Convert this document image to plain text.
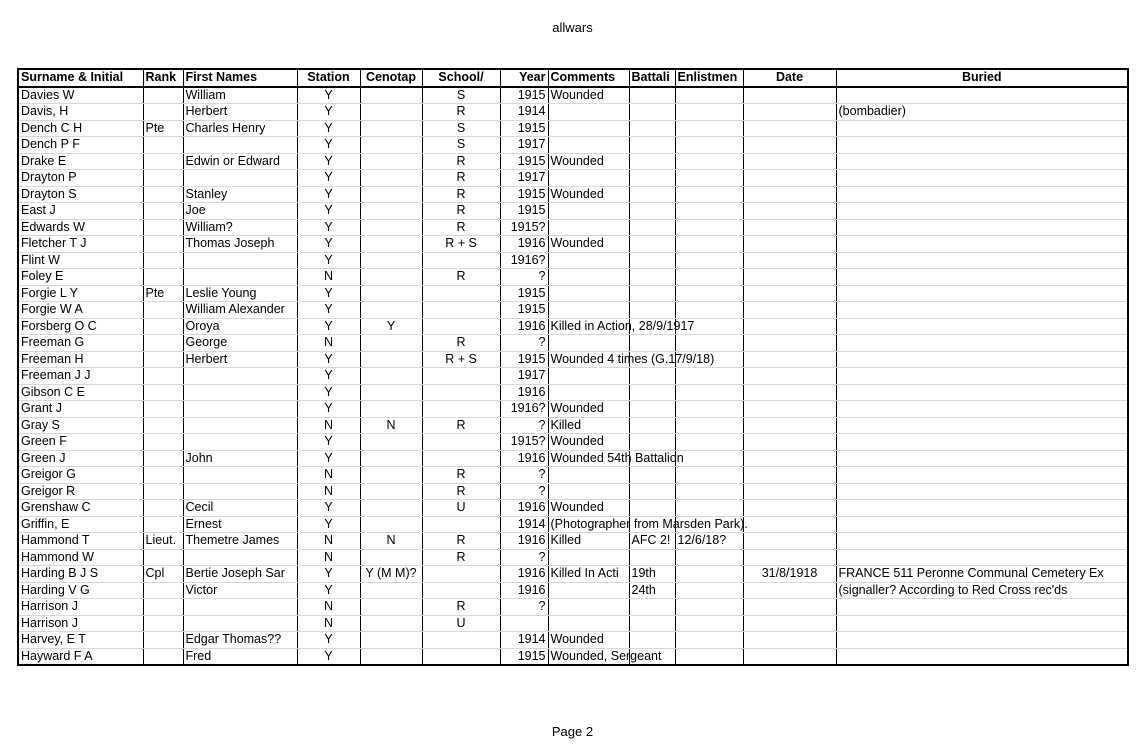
allwars
Surname & Initial	Rank	First Names	Station	Cenotap	School/	Year	Comments	Battali	Enlistmen	Date	Buried
Davies W		William	Y		S	1915	Wounded				
Davis, H		Herbert	Y		R	1914					(bombadier)
Dench C H	Pte	Charles Henry	Y		S	1915					
Dench P F			Y		S	1917					
Drake E		Edwin or Edward	Y		R	1915	Wounded				
Drayton P			Y		R	1917					
Drayton S		Stanley	Y		R	1915	Wounded				
East J		Joe	Y		R	1915					
Edwards W		William?	Y		R	1915?					
Fletcher T J		Thomas Joseph	Y		R + S	1916	Wounded				
Flint W			Y			1916?					
Foley E			N		R	?					
Forgie L Y	Pte	Leslie Young	Y			1915					
Forgie W A		William Alexander	Y			1915					
Forsberg O C		Oroya	Y	Y		1916	Killed in Action, 28/9/1917				
Freeman G		George	N		R	?					
Freeman H		Herbert	Y		R + S	1915	Wounded 4 times (G.17/9/18)				
Freeman J J			Y			1917					
Gibson C E			Y			1916					
Grant J			Y			1916?	Wounded				
Gray S			N	N	R	?	Killed				
Green F			Y			1915?	Wounded				
Green J		John	Y			1916	Wounded 54th Battalion				
Greigor G			N		R	?					
Greigor R			N		R	?					
Grenshaw C		Cecil	Y		U	1916	Wounded				
Griffin, E		Ernest	Y			1914	(Photographer from Marsden Park).				
Hammond T	Lieut.	Themetre James	N	N	R	1916	Killed	AFC 2!	12/6/18?		
Hammond W			N		R	?					
Harding B J S	Cpl	Bertie Joseph Sar	Y	Y (M M)?		1916	Killed In Acti	19th		31/8/1918	FRANCE 511 Peronne Communal Cemetery Ex
Harding V G		Victor	Y			1916		24th			(signaller? According to Red Cross rec'ds
Harrison J			N		R	?					
Harrison J			N		U						
Harvey, E T		Edgar Thomas??	Y			1914	Wounded				
Hayward F A		Fred	Y			1915	Wounded, Sergeant				
Page 2
